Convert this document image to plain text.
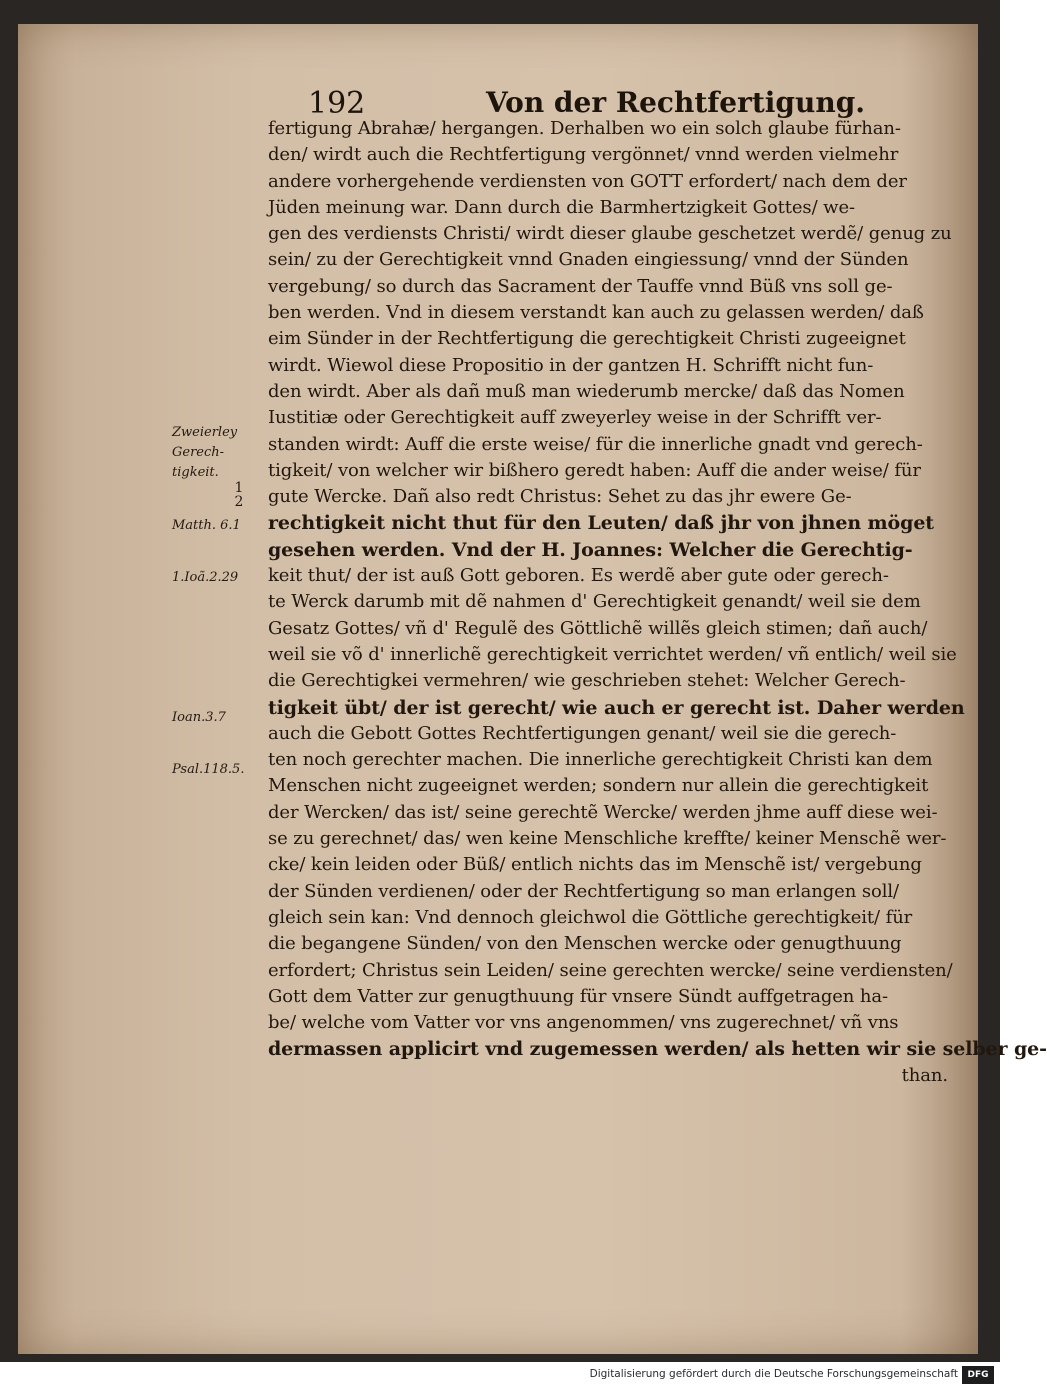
192	Von der Rechtfertigung.
Zweierley
Gerech-
tigkeit.
1
2
Matth. 6.1
1.Ioã.2.29
Ioan.3.7
Psal.118.5.
fertigung Abrahæ/ hergangen. Derhalben wo ein solch glaube fürhan-
den/ wirdt auch die Rechtfertigung vergönnet/ vnnd werden vielmehr
andere vorhergehende verdiensten von GOTT erfordert/ nach dem der
Jüden meinung war. Dann durch die Barmhertzigkeit Gottes/ we-
gen des verdiensts Christi/ wirdt dieser glaube geschetzet werdẽ/ genug zu
sein/ zu der Gerechtigkeit vnnd Gnaden eingiessung/ vnnd der Sünden
vergebung/ so durch das Sacrament der Tauffe vnnd Büß vns soll ge-
ben werden. Vnd in diesem verstandt kan auch zu gelassen werden/ daß
eim Sünder in der Rechtfertigung die gerechtigkeit Christi zugeeignet
wirdt. Wiewol diese Propositio in der gantzen H. Schrifft nicht fun-
den wirdt. Aber als dañ muß man wiederumb mercke/ daß das Nomen
Iustitiæ oder Gerechtigkeit auff zweyerley weise in der Schrifft ver-
standen wirdt: Auff die erste weise/ für die innerliche gnadt vnd gerech-
tigkeit/ von welcher wir bißhero geredt haben: Auff die ander weise/ für
gute Wercke. Dañ also redt Christus: Sehet zu das jhr ewere Ge-
rechtigkeit nicht thut für den Leuten/ daß jhr von jhnen möget
gesehen werden. Vnd der H. Joannes: Welcher die Gerechtig-
keit thut/ der ist auß Gott geboren. Es werdẽ aber gute oder gerech-
te Werck darumb mit dẽ nahmen d' Gerechtigkeit genandt/ weil sie dem
Gesatz Gottes/ vñ d' Regulẽ des Göttlichẽ willẽs gleich stimen; dañ auch/
weil sie võ d' innerlichẽ gerechtigkeit verrichtet werden/ vñ entlich/ weil sie
die Gerechtigkei vermehren/ wie geschrieben stehet: Welcher Gerech-
tigkeit übt/ der ist gerecht/ wie auch er gerecht ist. Daher werden
auch die Gebott Gottes Rechtfertigungen genant/ weil sie die gerech-
ten noch gerechter machen. Die innerliche gerechtigkeit Christi kan dem
Menschen nicht zugeeignet werden; sondern nur allein die gerechtigkeit
der Wercken/ das ist/ seine gerechtẽ Wercke/ werden jhme auff diese wei-
se zu gerechnet/ das/ wen keine Menschliche kreffte/ keiner Menschẽ wer-
cke/ kein leiden oder Büß/ entlich nichts das im Menschẽ ist/ vergebung
der Sünden verdienen/ oder der Rechtfertigung so man erlangen soll/
gleich sein kan: Vnd dennoch gleichwol die Göttliche gerechtigkeit/ für
die begangene Sünden/ von den Menschen wercke oder genugthuung
erfordert; Christus sein Leiden/ seine gerechten wercke/ seine verdiensten/
Gott dem Vatter zur genugthuung für vnsere Sündt auffgetragen ha-
be/ welche vom Vatter vor vns angenommen/ vns zugerechnet/ vñ vns
dermassen applicirt vnd zugemessen werden/ als hetten wir sie selber ge-
than.
Digitalisierung gefördert durch die Deutsche Forschungsgemeinschaft	DFG
